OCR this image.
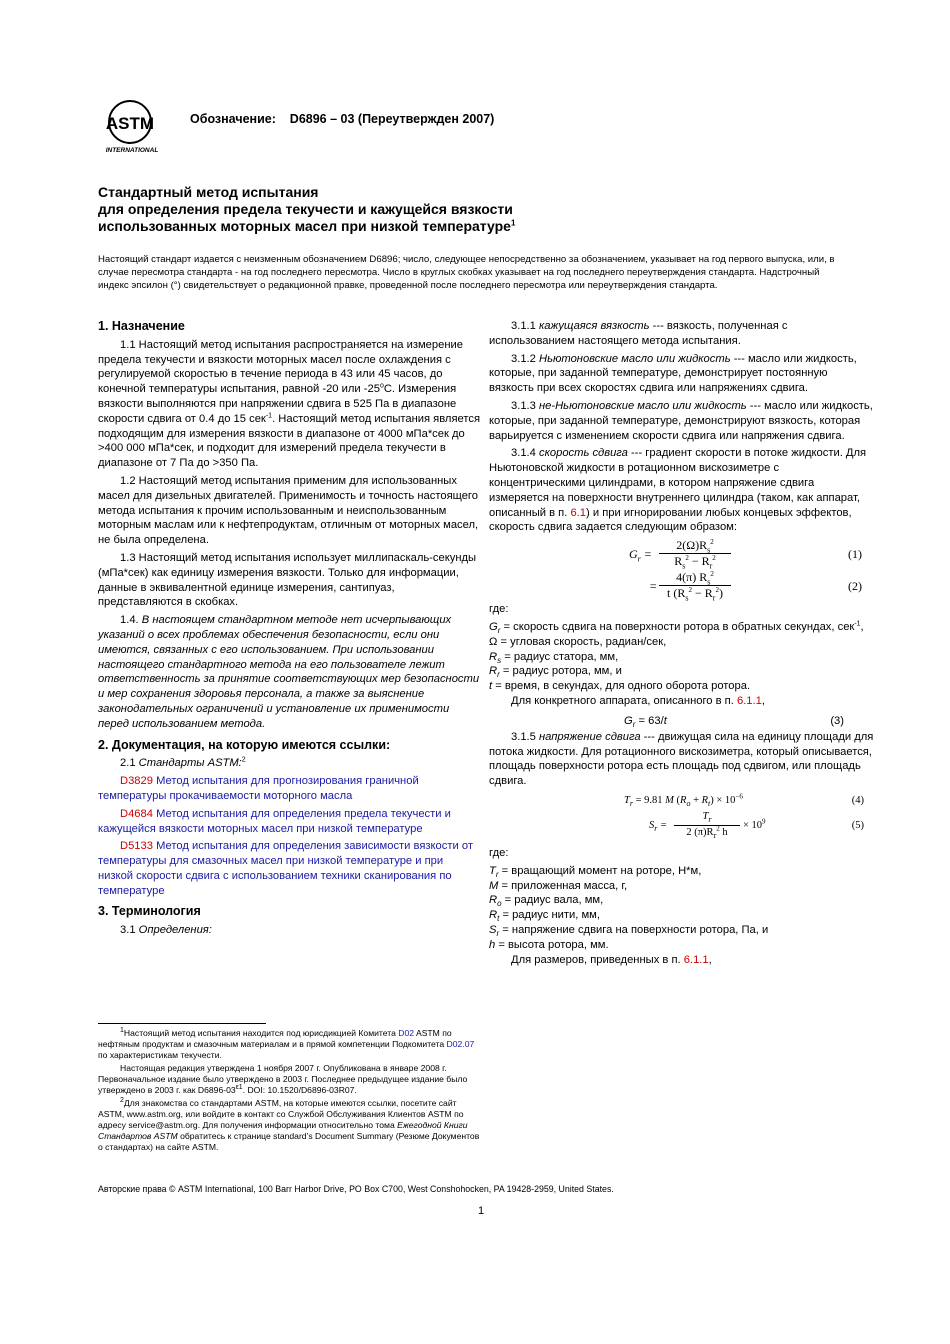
ASTM
INTERNATIONAL
Обозначение: D6896 – 03 (Переутвержден 2007)
Стандартный метод испытания
для определения предела текучести и кажущейся вязкости
использованных моторных масел при низкой температуре$^1$
Настоящий стандарт издается с неизменным обозначением D6896; число, следующее непосредственно за обозначением, указывает на год первого выпуска, или, в случае пересмотра стандарта - на год последнего пересмотра. Число в круглых скобках указывает на год последнего переутверждения стандарта. Надстрочный индекс эпсилон (°) свидетельствует о редакционной правке, проведенной после последнего пересмотра или переутверждения стандарта.
1. Назначение

1.1 Настоящий метод испытания распространяется на измерение предела текучести и вязкости моторных масел после охлаждения с регулируемой скоростью в течение периода в 43 или 45 часов, до конечной температуры испытания, равной -20 или -25$^o$C. Измерения вязкости выполняются при напряжении сдвига в 525 Па в диапазоне скорости сдвига от 0.4 до 15 сек$^{-1}$. Настоящий метод испытания является подходящим для измерения вязкости в диапазоне от 4000 мПа*сек до >400 000 мПа*сек, и подходит для измерений предела текучести в диапазоне от 7 Па до >350 Па.

1.2 Настоящий метод испытания применим для использованных масел для дизельных двигателей. Применимость и точность настоящего метода испытания к прочим использованным и неиспользованным моторным маслам или к нефтепродуктам, отличным от моторных масел, не была определена.

1.3 Настоящий метод испытания использует миллипаскаль-секунды (мПа*сек) как единицу измерения вязкости. Только для информации, данные в эквивалентной единице измерения, сантипуаз, представляются в скобках.

1.4. В настоящем стандартном методе нет исчерпывающих указаний о всех проблемах обеспечения безопасности, если они имеются, связанных с его использованием. При использовании настоящего стандартного метода на его пользователе лежит ответственность за принятие соответствующих мер безопасности и мер сохранения здоровья персонала, а также за выяснение законодательных ограничений и установление их применимости перед использованием метода.

2. Документация, на которую имеются ссылки:

2.1 Стандарты ASTM:$^2$

D3829 Метод испытания для прогнозирования граничной температуры прокачиваемости моторного масла

D4684 Метод испытания для определения предела текучести и кажущейся вязкости моторных масел при низкой температуре

D5133 Метод испытания для определения зависимости вязкости от температуры для смазочных масел при низкой температуре и при низкой скорости сдвига с использованием техники сканирования по температуре

3. Терминология

3.1 Определения:

3.1.1 кажущаяся вязкость --- вязкость, полученная с использованием настоящего метода испытания.

3.1.2 Ньютоновские масло или жидкость --- масло или жидкость, которые, при заданной температуре, демонстрирует постоянную вязкость при всех скоростях сдвига или напряжениях сдвига.

3.1.3 не-Ньютоновские масло или жидкость --- масло или жидкость, которые, при заданной температуре, демонстрируют вязкость, которая варьируется с изменением скорости сдвига или напряжения сдвига.

3.1.4 скорость сдвига --- градиент скорости в потоке жидкости. Для Ньютоновской жидкости в ротационном вискозиметре с концентрическими цилиндрами, в котором напряжение сдвига измеряется на поверхности внутреннего цилиндра (таком, как аппарат, описанный в п. 6.1) и при игнорировании любых концевых эффектов, скорость сдвига задается следующим образом:

$G_r = \frac{2(\Omega)R_s^2}{R_s^2 - R_r^2}$	(1)
= $\frac{4(\pi) R_s^2}{t (R_s^2 - R_r^2)}$	(2)

где:

$G_r$ = скорость сдвига на поверхности ротора в обратных секундах, сек$^{-1}$,

Ω = угловая скорость, радиан/сек,

$R_s$ = радиус статора, мм,

$R_r$ = радиус ротора, мм, и

t = время, в секундах, для одного оборота ротора.

Для конкретного аппарата, описанного в п. 6.1.1,

$G_r = 63/t$	(3)

3.1.5 напряжение сдвига --- движущая сила на единицу площади для потока жидкости. Для ротационного вискозиметра, который описывается, площадь поверхности ротора есть площадь под сдвигом, или площадь сдвига.

$T_r = 9.81$ M $(R_o + R_t) \times 10^{-6}$	(4)
$S_r = \frac{T_r}{2 (\pi)R_r^2 h} \times 10^9$	(5)

где:

$T_r$ = вращающий момент на роторе, Н*м,

M = приложенная масса, г,

$R_o$ = радиус вала, мм,

$R_t$ = радиус нити, мм,

$S_r$ = напряжение сдвига на поверхности ротора, Па, и

h = высота ротора, мм.

Для размеров, приведенных в п. 6.1.1,

$^1$Настоящий метод испытания находится под юрисдикцией Комитета D02 ASTM по нефтяным продуктам и смазочным материалам и в прямой компетенции Подкомитета D02.07 по характеристикам текучести.

Настоящая редакция утверждена 1 ноября 2007 г. Опубликована в январе 2008 г. Первоначальное издание было утверждено в 2003 г. Последнее предыдущее издание было утверждено в 2003 г. как $D6896-03^{\varepsilon 1}$. DOI: 10.1520/D6896-03R07.

$^2$Для знакомства со стандартами ASTM, на которые имеются ссылки, посетите сайт ASTM, www.astm.org, или войдите в контакт со Службой Обслуживания Клиентов ASTM по адресу service@astm.org. Для получения информации относительно тома Ежегодной Книги Стандартов ASTM обратитесь к странице standard’s Document Summary (Резюме Документов о стандартах) на сайте ASTM.

Авторские права © ASTM International, 100 Barr Harbor Drive, PO Box C700, West Conshohocken, PA 19428-2959, United States.
1
